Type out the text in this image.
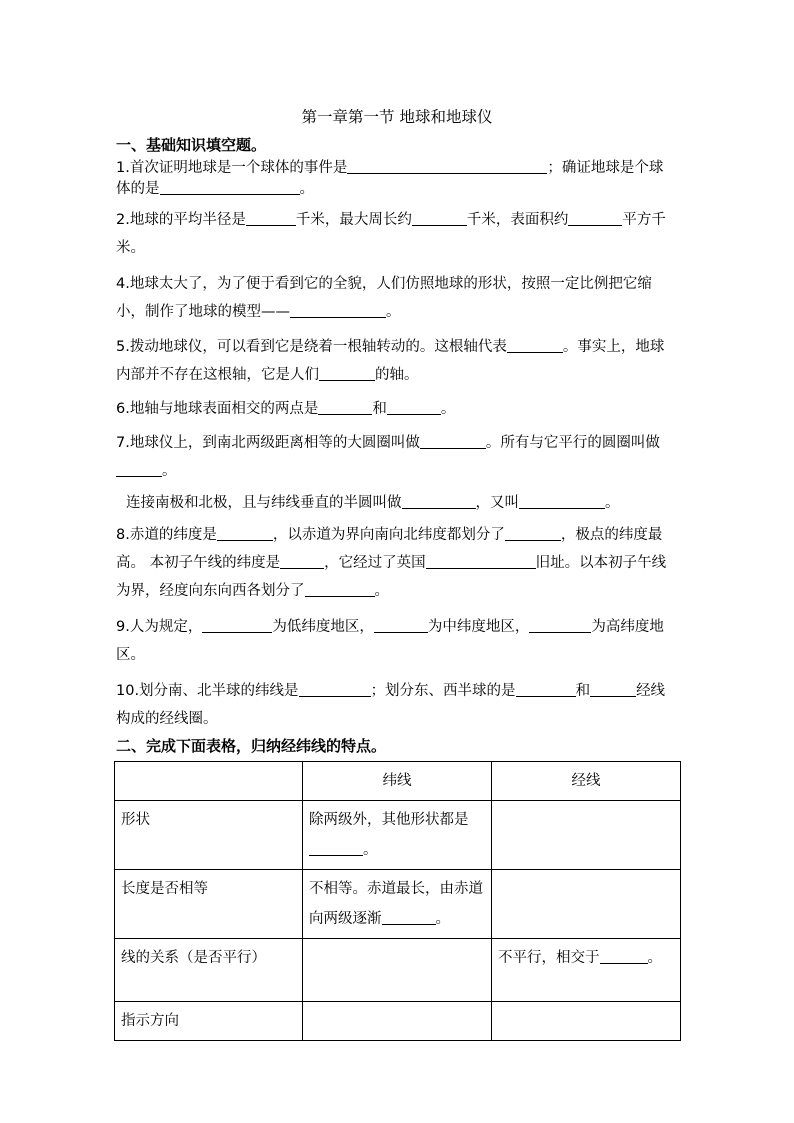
第一章第一节 地球和地球仪
一、基础知识填空题。

1.首次证明地球是一个球体的事件是	；确证地球是个球体的是	。

2.地球的平均半径是	千米，最大周长约	千米，表面积约	平方千米。

4.地球太大了，为了便于看到它的全貌，人们仿照地球的形状，按照一定比例把它缩小，制作了地球的模型——	。

5.拨动地球仪，可以看到它是绕着一根轴转动的。这根轴代表	。事实上，地球内部并不存在这根轴，它是人们	的轴。

6.地轴与地球表面相交的两点是	和	。

7.地球仪上，到南北两级距离相等的大圆圈叫做	。所有与它平行的圆圈叫做。

连接南极和北极，且与纬线垂直的半圆叫做	，又叫	。

8.赤道的纬度是	，以赤道为界向南向北纬度都划分了	，极点的纬度最高。 本初子午线的纬度是	，它经过了英国	旧址。以本初子午线为界，经度向东向西各划分了	。

9.人为规定，	为低纬度地区，	为中纬度地区，	为高纬度地区。

10.划分南、北半球的纬线是	；划分东、西半球的是	和	经线构成的经线圈。

二、完成下面表格，归纳经纬线的特点。
	纬线	经线
形状	除两级外，其他形状都是。	
长度是否相等	不相等。赤道最长，由赤道向两级逐渐 。	
线的关系（是否平行）		不平行，相交于 。
指示方向		
